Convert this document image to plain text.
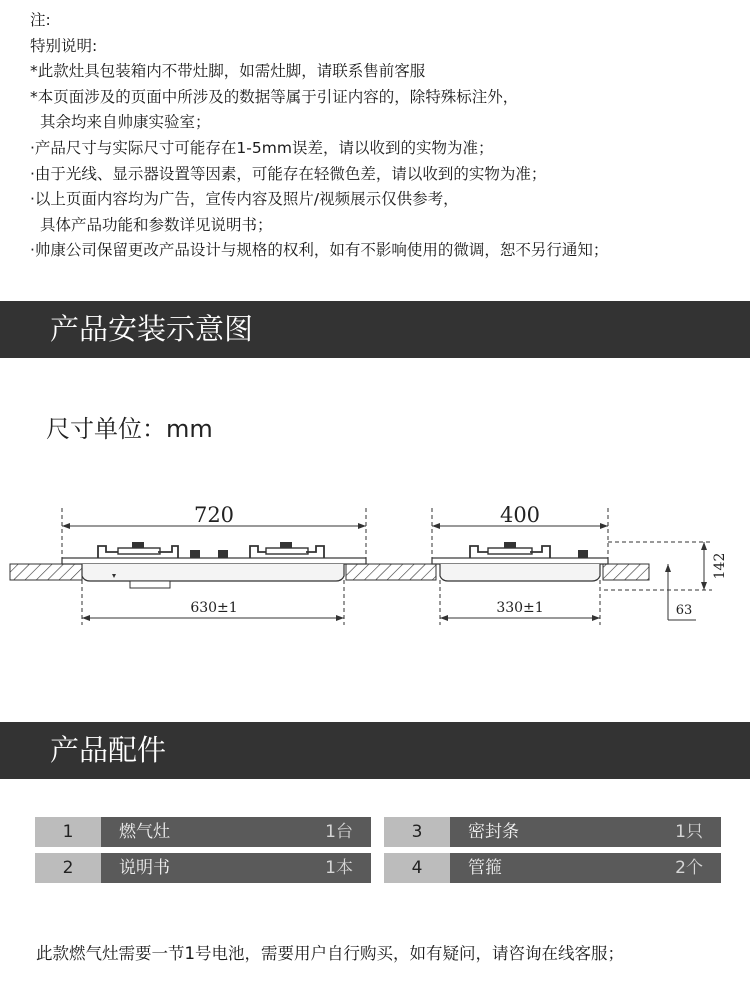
注:
特别说明:
*此款灶具包装箱内不带灶脚，如需灶脚，请联系售前客服
*本页面涉及的页面中所涉及的数据等属于引证内容的，除特殊标注外，
其余均来自帅康实验室；
·产品尺寸与实际尺寸可能存在1-5mm误差，请以收到的实物为准；
·由于光线、显示器设置等因素，可能存在轻微色差，请以收到的实物为准；
·以上页面内容均为广告，宣传内容及照片/视频展示仅供参考，
具体产品功能和参数详见说明书；
·帅康公司保留更改产品设计与规格的权利，如有不影响使用的微调，恕不另行通知；
产品安装示意图
尺寸单位：mm
720
630±1
400
330±1
142
63
产品配件
1	燃气灶	1台
2	说明书	1本
3	密封条	1只
4	管箍	2个
此款燃气灶需要一节1号电池，需要用户自行购买，如有疑问，请咨询在线客服；
